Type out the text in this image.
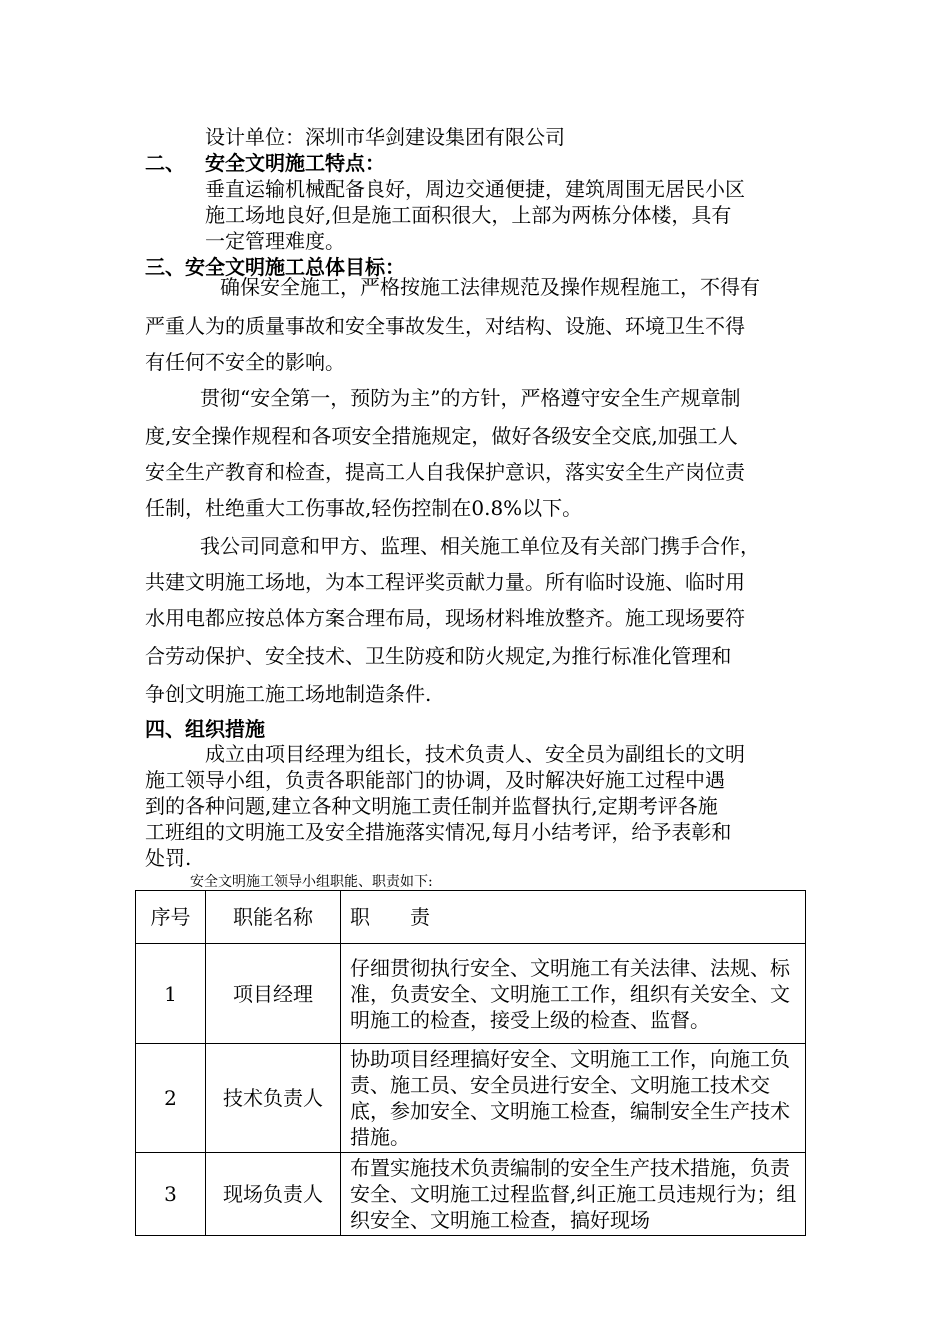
设计单位：深圳市华剑建设集团有限公司
二、 安全文明施工特点：
垂直运输机械配备良好，周边交通便捷，建筑周围无居民小区
施工场地良好,但是施工面积很大，上部为两栋分体楼，具有
一定管理难度。
三、安全文明施工总体目标：
确保安全施工，严格按施工法律规范及操作规程施工，不得有
严重人为的质量事故和安全事故发生，对结构、设施、环境卫生不得
有任何不安全的影响。
贯彻“安全第一，预防为主”的方针，严格遵守安全生产规章制
度,安全操作规程和各项安全措施规定，做好各级安全交底,加强工人
安全生产教育和检查，提高工人自我保护意识，落实安全生产岗位责
任制，杜绝重大工伤事故,轻伤控制在0.8%以下。
我公司同意和甲方、监理、相关施工单位及有关部门携手合作，
共建文明施工场地，为本工程评奖贡献力量。所有临时设施、临时用
水用电都应按总体方案合理布局，现场材料堆放整齐。施工现场要符
合劳动保护、安全技术、卫生防疫和防火规定,为推行标准化管理和
争创文明施工施工场地制造条件.
四、组织措施
成立由项目经理为组长，技术负责人、安全员为副组长的文明
施工领导小组，负责各职能部门的协调，及时解决好施工过程中遇
到的各种问题,建立各种文明施工责任制并监督执行,定期考评各施
工班组的文明施工及安全措施落实情况,每月小结考评，给予表彰和
处罚.
安全文明施工领导小组职能、职责如下:
序号	职能名称	职　　责
1	项目经理	仔细贯彻执行安全、文明施工有关法律、法规、标准，负责安全、文明施工工作，组织有关安全、文明施工的检查，接受上级的检查、监督。
2	技术负责人	协助项目经理搞好安全、文明施工工作，向施工负责、施工员、安全员进行安全、文明施工技术交底，参加安全、文明施工检查，编制安全生产技术措施。
3	现场负责人	布置实施技术负责编制的安全生产技术措施，负责安全、文明施工过程监督,纠正施工员违规行为；组织安全、文明施工检查，搞好现场
